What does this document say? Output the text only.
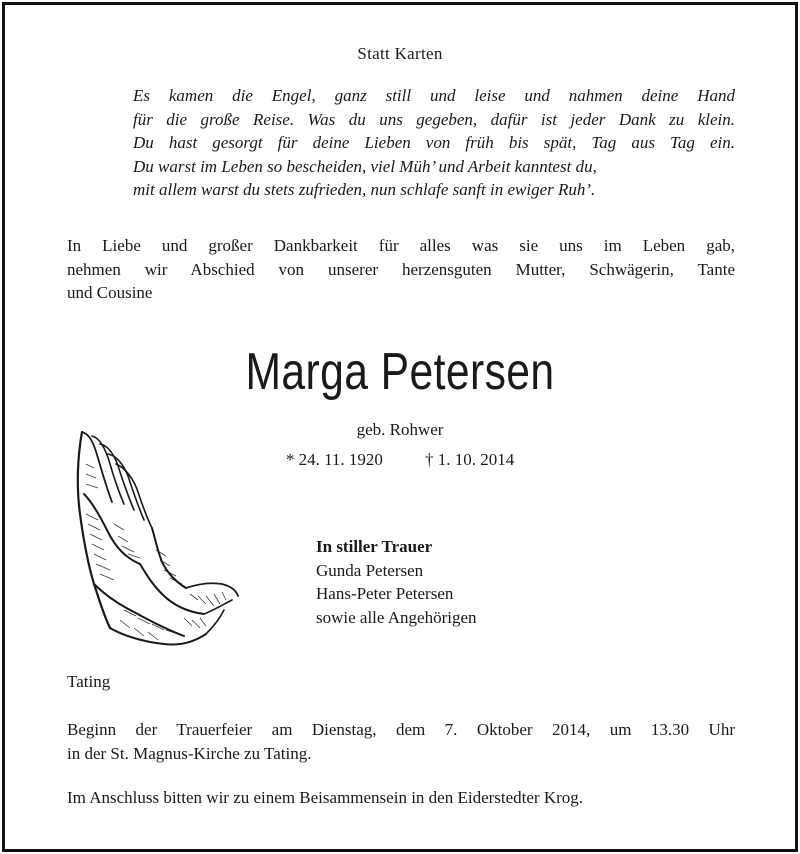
Statt Karten
Es kamen die Engel, ganz still und leise und nahmen deine Hand
für die große Reise. Was du uns gegeben, dafür ist jeder Dank zu klein.
Du hast gesorgt für deine Lieben von früh bis spät, Tag aus Tag ein.
Du warst im Leben so bescheiden, viel Müh’ und Arbeit kanntest du,
mit allem warst du stets zufrieden, nun schlafe sanft in ewiger Ruh’.
In Liebe und großer Dankbarkeit für alles was sie uns im Leben gab,
nehmen wir Abschied von unserer herzensguten Mutter, Schwägerin, Tante
und Cousine
Marga Petersen
geb. Rohwer
* 24. 11. 1920 † 1. 10. 2014
In stiller Trauer
Gunda Petersen
Hans-Peter Petersen
sowie alle Angehörigen
Tating
Beginn der Trauerfeier am Dienstag, dem 7. Oktober 2014, um 13.30 Uhr
in der St. Magnus-Kirche zu Tating.
Im Anschluss bitten wir zu einem Beisammensein in den Eiderstedter Krog.
